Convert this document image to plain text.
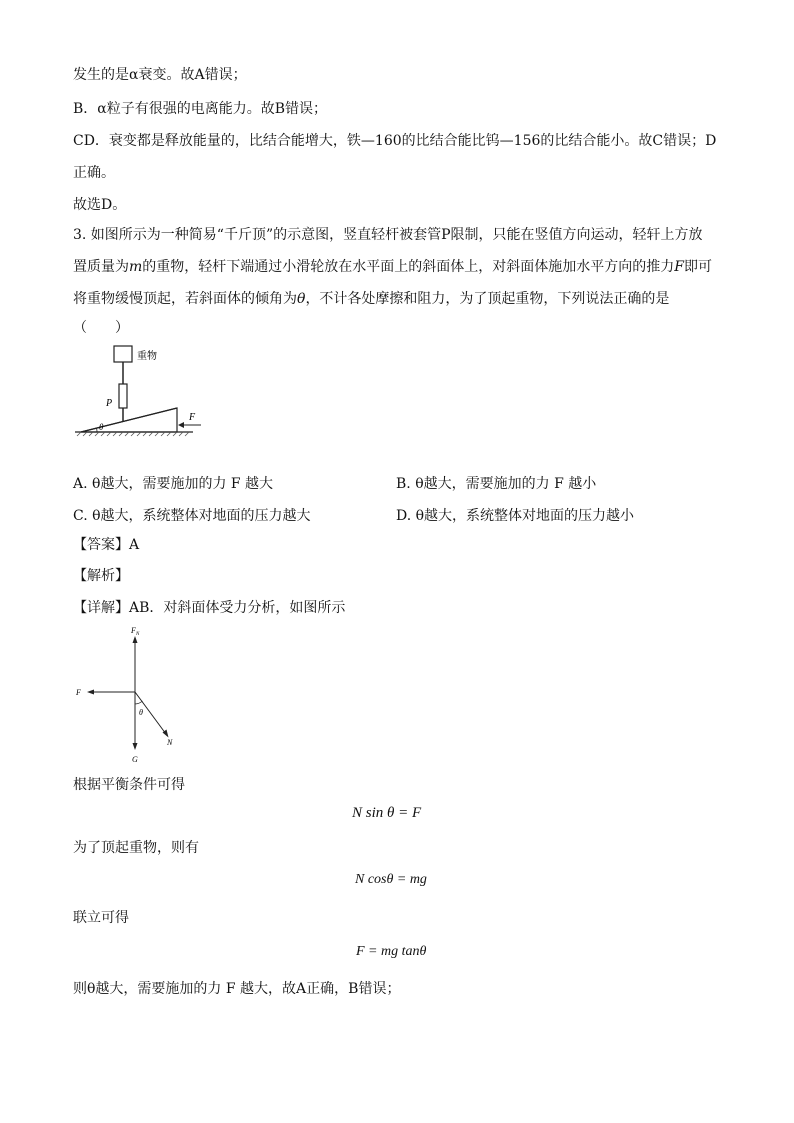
发生的是α衰变。故A错误；
B．α粒子有很强的电离能力。故B错误；
CD．衰变都是释放能量的，比结合能增大，铁—160的比结合能比钨—156的比结合能小。故C错误；D
正确。
故选D。
3. 如图所示为一种简易“千斤顶”的示意图，竖直轻杆被套管P限制，只能在竖值方向运动，轻轩上方放
置质量为m的重物，轻杆下端通过小滑轮放在水平面上的斜面体上，对斜面体施加水平方向的推力F即可
将重物缓慢顶起，若斜面体的倾角为θ，不计各处摩擦和阻力，为了顶起重物，下列说法正确的是
（　　）
重物
P
θ
F
A. θ越大，需要施加的力 F 越大	B. θ越大，需要施加的力 F 越小
C. θ越大，系统整体对地面的压力越大	D. θ越大，系统整体对地面的压力越小
【答案】A
【解析】
【详解】AB．对斜面体受力分析，如图所示
F N
F
G
N
θ
根据平衡条件可得
N sin θ = F
为了顶起重物，则有
N cosθ = mg
联立可得
F = mg tanθ
则θ越大，需要施加的力 F 越大，故A正确，B错误；
